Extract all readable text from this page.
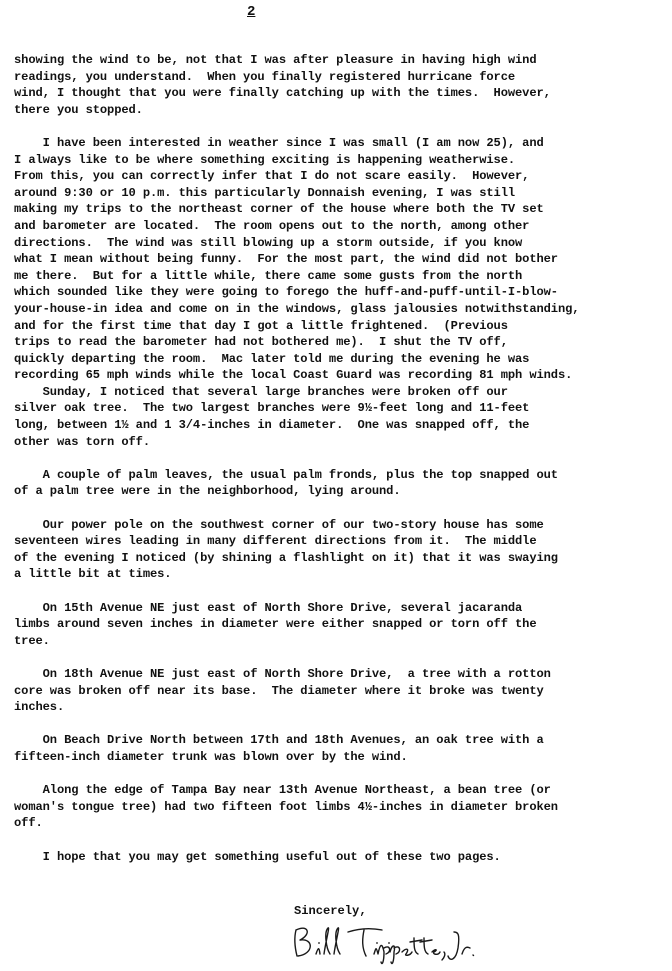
2

showing the wind to be, not that I was after pleasure in having high wind
readings, you understand.  When you finally registered hurricane force
wind, I thought that you were finally catching up with the times.  However,
there you stopped.

I have been interested in weather since I was small (I am now 25), and
I always like to be where something exciting is happening weatherwise.
From this, you can correctly infer that I do not scare easily.  However,
around 9:30 or 10 p.m. this particularly Donnaish evening, I was still
making my trips to the northeast corner of the house where both the TV set
and barometer are located.  The room opens out to the north, among other
directions.  The wind was still blowing up a storm outside, if you know
what I mean without being funny.  For the most part, the wind did not bother
me there.  But for a little while, there came some gusts from the north
which sounded like they were going to forego the huff-and-puff-until-I-blow-
your-house-in idea and come on in the windows, glass jalousies notwithstanding,
and for the first time that day I got a little frightened.  (Previous
trips to read the barometer had not bothered me).  I shut the TV off,
quickly departing the room.  Mac later told me during the evening he was
recording 65 mph winds while the local Coast Guard was recording 81 mph winds.

Sunday, I noticed that several large branches were broken off our
silver oak tree.  The two largest branches were 9½-feet long and 11-feet
long, between 1½ and 1 3/4-inches in diameter.  One was snapped off, the
other was torn off.

A couple of palm leaves, the usual palm fronds, plus the top snapped out
of a palm tree were in the neighborhood, lying around.

Our power pole on the southwest corner of our two-story house has some
seventeen wires leading in many different directions from it.  The middle
of the evening I noticed (by shining a flashlight on it) that it was swaying
a little bit at times.

On 15th Avenue NE just east of North Shore Drive, several jacaranda
limbs around seven inches in diameter were either snapped or torn off the
tree.

On 18th Avenue NE just east of North Shore Drive,  a tree with a rotton
core was broken off near its base.  The diameter where it broke was twenty
inches.

On Beach Drive North between 17th and 18th Avenues, an oak tree with a
fifteen-inch diameter trunk was blown over by the wind.

Along the edge of Tampa Bay near 13th Avenue Northeast, a bean tree (or
woman's tongue tree) had two fifteen foot limbs 4½-inches in diameter broken
off.

I hope that you may get something useful out of these two pages.

Sincerely,
